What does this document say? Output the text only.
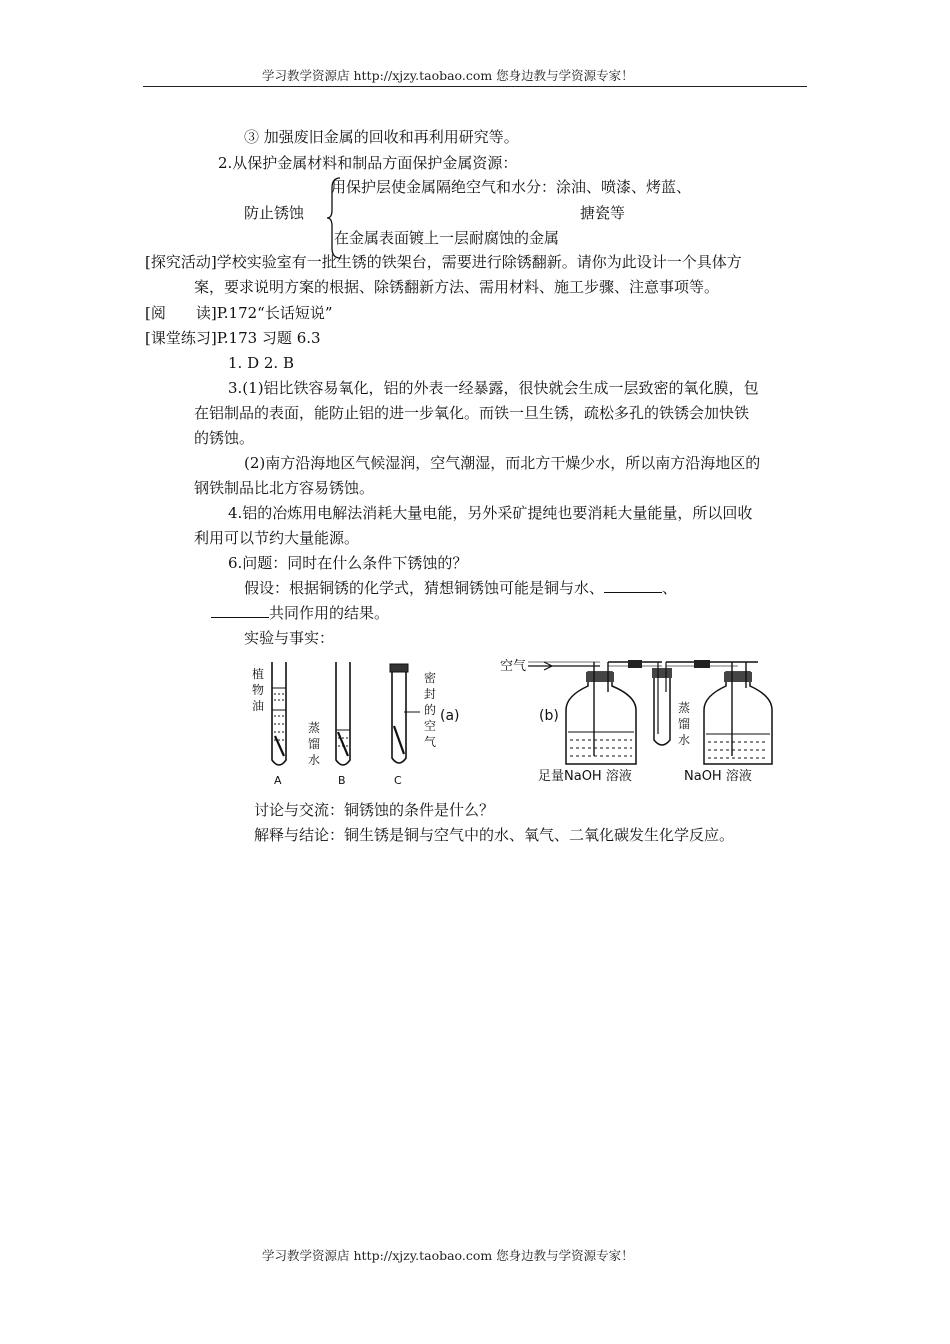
学习教学资源店 http://xjzy.taobao.com 您身边教与学资源专家！
③ 加强废旧金属的回收和再利用研究等。
2.从保护金属材料和制品方面保护金属资源：
防止锈蚀
用保护层使金属隔绝空气和水分：涂油、喷漆、烤蓝、
搪瓷等
在金属表面镀上一层耐腐蚀的金属
[探究活动]学校实验室有一批生锈的铁架台，需要进行除锈翻新。请你为此设计一个具体方
案，要求说明方案的根据、除锈翻新方法、需用材料、施工步骤、注意事项等。
[阅　　读]P.172“长话短说”
[课堂练习]P.173 习题 6.3
1. D 2. B
3.(1)铝比铁容易氧化，铝的外表一经暴露，很快就会生成一层致密的氧化膜，包
在铝制品的表面，能防止铝的进一步氧化。而铁一旦生锈，疏松多孔的铁锈会加快铁
的锈蚀。
(2)南方沿海地区气候湿润，空气潮湿，而北方干燥少水，所以南方沿海地区的
钢铁制品比北方容易锈蚀。
4.铝的冶炼用电解法消耗大量电能，另外采矿提纯也要消耗大量能量，所以回收
利用可以节约大量能源。
6.问题：同时在什么条件下锈蚀的？
假设：根据铜锈的化学式，猜想铜锈蚀可能是铜与水、	、
共同作用的结果。
实验与事实：
植
物
油
蒸
馏
水
密
封
的
空
气
(a)
A	B	C
空气
(b)	蒸
馏
水
足量NaOH 溶液	NaOH 溶液
讨论与交流：铜锈蚀的条件是什么？
解释与结论：铜生锈是铜与空气中的水、氧气、二氧化碳发生化学反应。
学习教学资源店 http://xjzy.taobao.com 您身边教与学资源专家！
